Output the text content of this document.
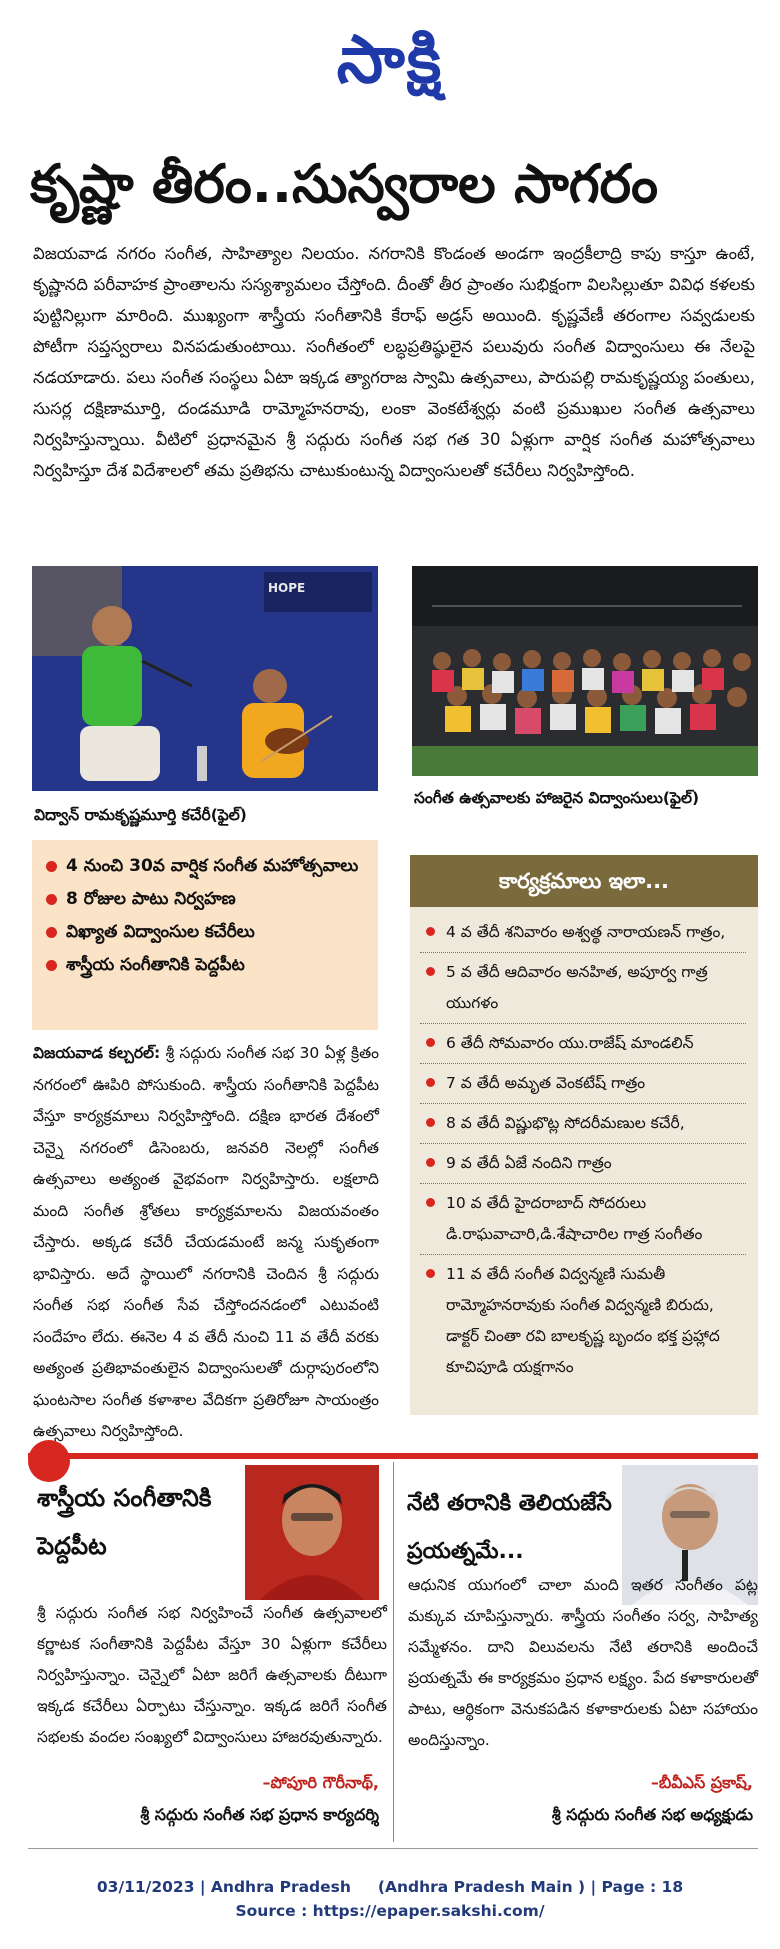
సాక్షి
కృష్ణా తీరం..సుస్వరాల సాగరం
విజయవాడ నగరం సంగీత, సాహిత్యాల నిలయం. నగరానికి కొండంత అండగా ఇంద్రకీలాద్రి కాపు కాస్తూ ఉంటే, కృష్ణానది పరీవాహక ప్రాంతాలను సస్యశ్యామలం చేస్తోంది. దీంతో తీర ప్రాంతం సుభిక్షంగా విలసిల్లుతూ వివిధ కళలకు పుట్టినిల్లుగా మారింది. ముఖ్యంగా శాస్త్రీయ సంగీతానికి కేరాఫ్ అడ్రస్ అయింది. కృష్ణవేణీ తరంగాల సవ్వడులకు పోటీగా సప్తస్వరాలు వినపడుతుంటాయి. సంగీతంలో లబ్ధప్రతిష్ఠులైన పలువురు సంగీత విద్వాంసులు ఈ నేలపై నడయాడారు. పలు సంగీత సంస్థలు ఏటా ఇక్కడ త్యాగరాజ స్వామి ఉత్సవాలు, పారుపల్లి రామకృష్ణయ్య పంతులు, సుసర్ల దక్షిణామూర్తి, దండమూడి రామ్మోహనరావు, లంకా వెంకటేశ్వర్లు వంటి ప్రముఖుల సంగీత ఉత్సవాలు నిర్వహిస్తున్నాయి. వీటిలో ప్రధానమైన శ్రీ సద్గురు సంగీత సభ గత 30 ఏళ్లుగా వార్షిక సంగీత మహోత్సవాలు నిర్వహిస్తూ దేశ విదేశాలలో తమ ప్రతిభను చాటుకుంటున్న విద్వాంసులతో కచేరీలు నిర్వహిస్తోంది.
HOPE
విద్వాన్ రామకృష్ణమూర్తి కచేరీ(ఫైల్)
సంగీత ఉత్సవాలకు హాజరైన విద్వాంసులు(ఫైల్)
4 నుంచి 30వ వార్షిక సంగీత మహోత్సవాలు
8 రోజుల పాటు నిర్వహణ
విఖ్యాత విద్వాంసుల కచేరీలు
శాస్త్రీయ సంగీతానికి పెద్దపీట
4 వ తేదీ శనివారం అశ్వత్థ నారాయణన్ గాత్రం,
5 వ తేదీ ఆదివారం అనహిత, అపూర్వ గాత్ర యుగళం
6 తేదీ సోమవారం యు.రాజేష్ మాండలిన్
7 వ తేదీ అమృత వెంకటేష్ గాత్రం
8 వ తేదీ విష్ణుభొట్ల సోదరీమణుల కచేరీ,
9 వ తేదీ ఏజే నందిని గాత్రం
10 వ తేదీ హైదరాబాద్ సోదరులు డి.రాఘవాచారి,డి.శేషాచారిల గాత్ర సంగీతం
11 వ తేదీ సంగీత విద్వన్మణి సుమతీ రామ్మోహనరావుకు సంగీత విద్వన్మణి బిరుదు, డాక్టర్ చింతా రవి బాలకృష్ణ బృందం భక్త ప్రహ్లాద కూచిపూడి యక్షగానం
కార్యక్రమాలు ఇలా...
విజయవాడ కల్చరల్: శ్రీ సద్గురు సంగీత సభ 30 ఏళ్ల క్రితం నగరంలో ఊపిరి పోసుకుంది. శాస్త్రీయ సంగీతానికి పెద్దపీట వేస్తూ కార్యక్రమాలు నిర్వహిస్తోంది. దక్షిణ భారత దేశంలో చెన్నై నగరంలో డిసెంబరు, జనవరి నెలల్లో సంగీత ఉత్సవాలు అత్యంత వైభవంగా నిర్వహిస్తారు. లక్షలాది మంది సంగీత శ్రోతలు కార్యక్రమాలను విజయవంతం చేస్తారు. అక్కడ కచేరీ చేయడమంటే జన్మ సుకృతంగా భావిస్తారు. అదే స్థాయిలో నగరానికి చెందిన శ్రీ సద్గురు సంగీత సభ సంగీత సేవ చేస్తోందనడంలో ఎటువంటి సందేహం లేదు. ఈనెల 4 వ తేదీ నుంచి 11 వ తేదీ వరకు అత్యంత ప్రతిభావంతులైన విద్వాంసులతో దుర్గాపురంలోని ఘంటసాల సంగీత కళాశాల వేదికగా ప్రతిరోజూ సాయంత్రం ఉత్సవాలు నిర్వహిస్తోంది.
శాస్త్రీయ సంగీతానికి పెద్దపీట
నేటి తరానికి తెలియజేసే ప్రయత్నమే...
శ్రీ సద్గురు సంగీత సభ నిర్వహించే సంగీత ఉత్సవాలలో కర్ణాటక సంగీతానికి పెద్దపీట వేస్తూ 30 ఏళ్లుగా కచేరీలు నిర్వహిస్తున్నాం. చెన్నైలో ఏటా జరిగే ఉత్సవాలకు దీటుగా ఇక్కడ కచేరీలు ఏర్పాటు చేస్తున్నాం. ఇక్కడ జరిగే సంగీత సభలకు వందల సంఖ్యలో విద్వాంసులు హాజరవుతున్నారు.
ఆధునిక యుగంలో చాలా మంది ఇతర సంగీతం పట్ల మక్కువ చూపిస్తున్నారు. శాస్త్రీయ సంగీతం సర్వ, సాహిత్య సమ్మేళనం. దాని విలువలను నేటి తరానికి అందించే ప్రయత్నమే ఈ కార్యక్రమం ప్రధాన లక్ష్యం. పేద కళాకారులతో పాటు, ఆర్థికంగా వెనుకపడిన కళాకారులకు ఏటా సహాయం అందిస్తున్నాం.
–పోపూరి గౌరీనాథ్,
శ్రీ సద్గురు సంగీత సభ ప్రధాన కార్యదర్శి
–బీవీఎస్ ప్రకాష్,
శ్రీ సద్గురు సంగీత సభ అధ్యక్షుడు
03/11/2023 | Andhra Pradesh     (Andhra Pradesh Main ) | Page : 18
Source : https://epaper.sakshi.com/
